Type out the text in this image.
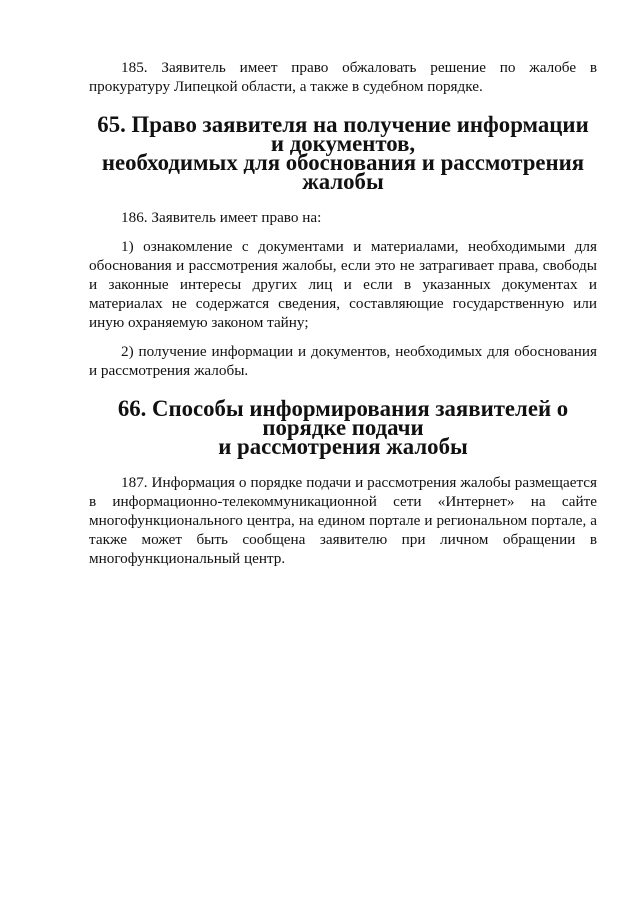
185. Заявитель имеет право обжаловать решение по жалобе в прокуратуру Липецкой области, а также в судебном порядке.

65. Право заявителя на получение информации и документов,
необходимых для обоснования и рассмотрения жалобы

186. Заявитель имеет право на:

1) ознакомление с документами и материалами, необходимыми для обоснования и рассмотрения жалобы, если это не затрагивает права, свободы и законные интересы других лиц и если в указанных документах и материалах не содержатся сведения, составляющие государственную или иную охраняемую законом тайну;

2) получение информации и документов, необходимых для обоснования и рассмотрения жалобы.

66. Способы информирования заявителей о порядке подачи
и рассмотрения жалобы

187. Информация о порядке подачи и рассмотрения жалобы размещается в информационно-телекоммуникационной сети «Интернет» на сайте многофункционального центра, на едином портале и региональном портале, а также может быть сообщена заявителю при личном обращении в многофункциональный центр.
